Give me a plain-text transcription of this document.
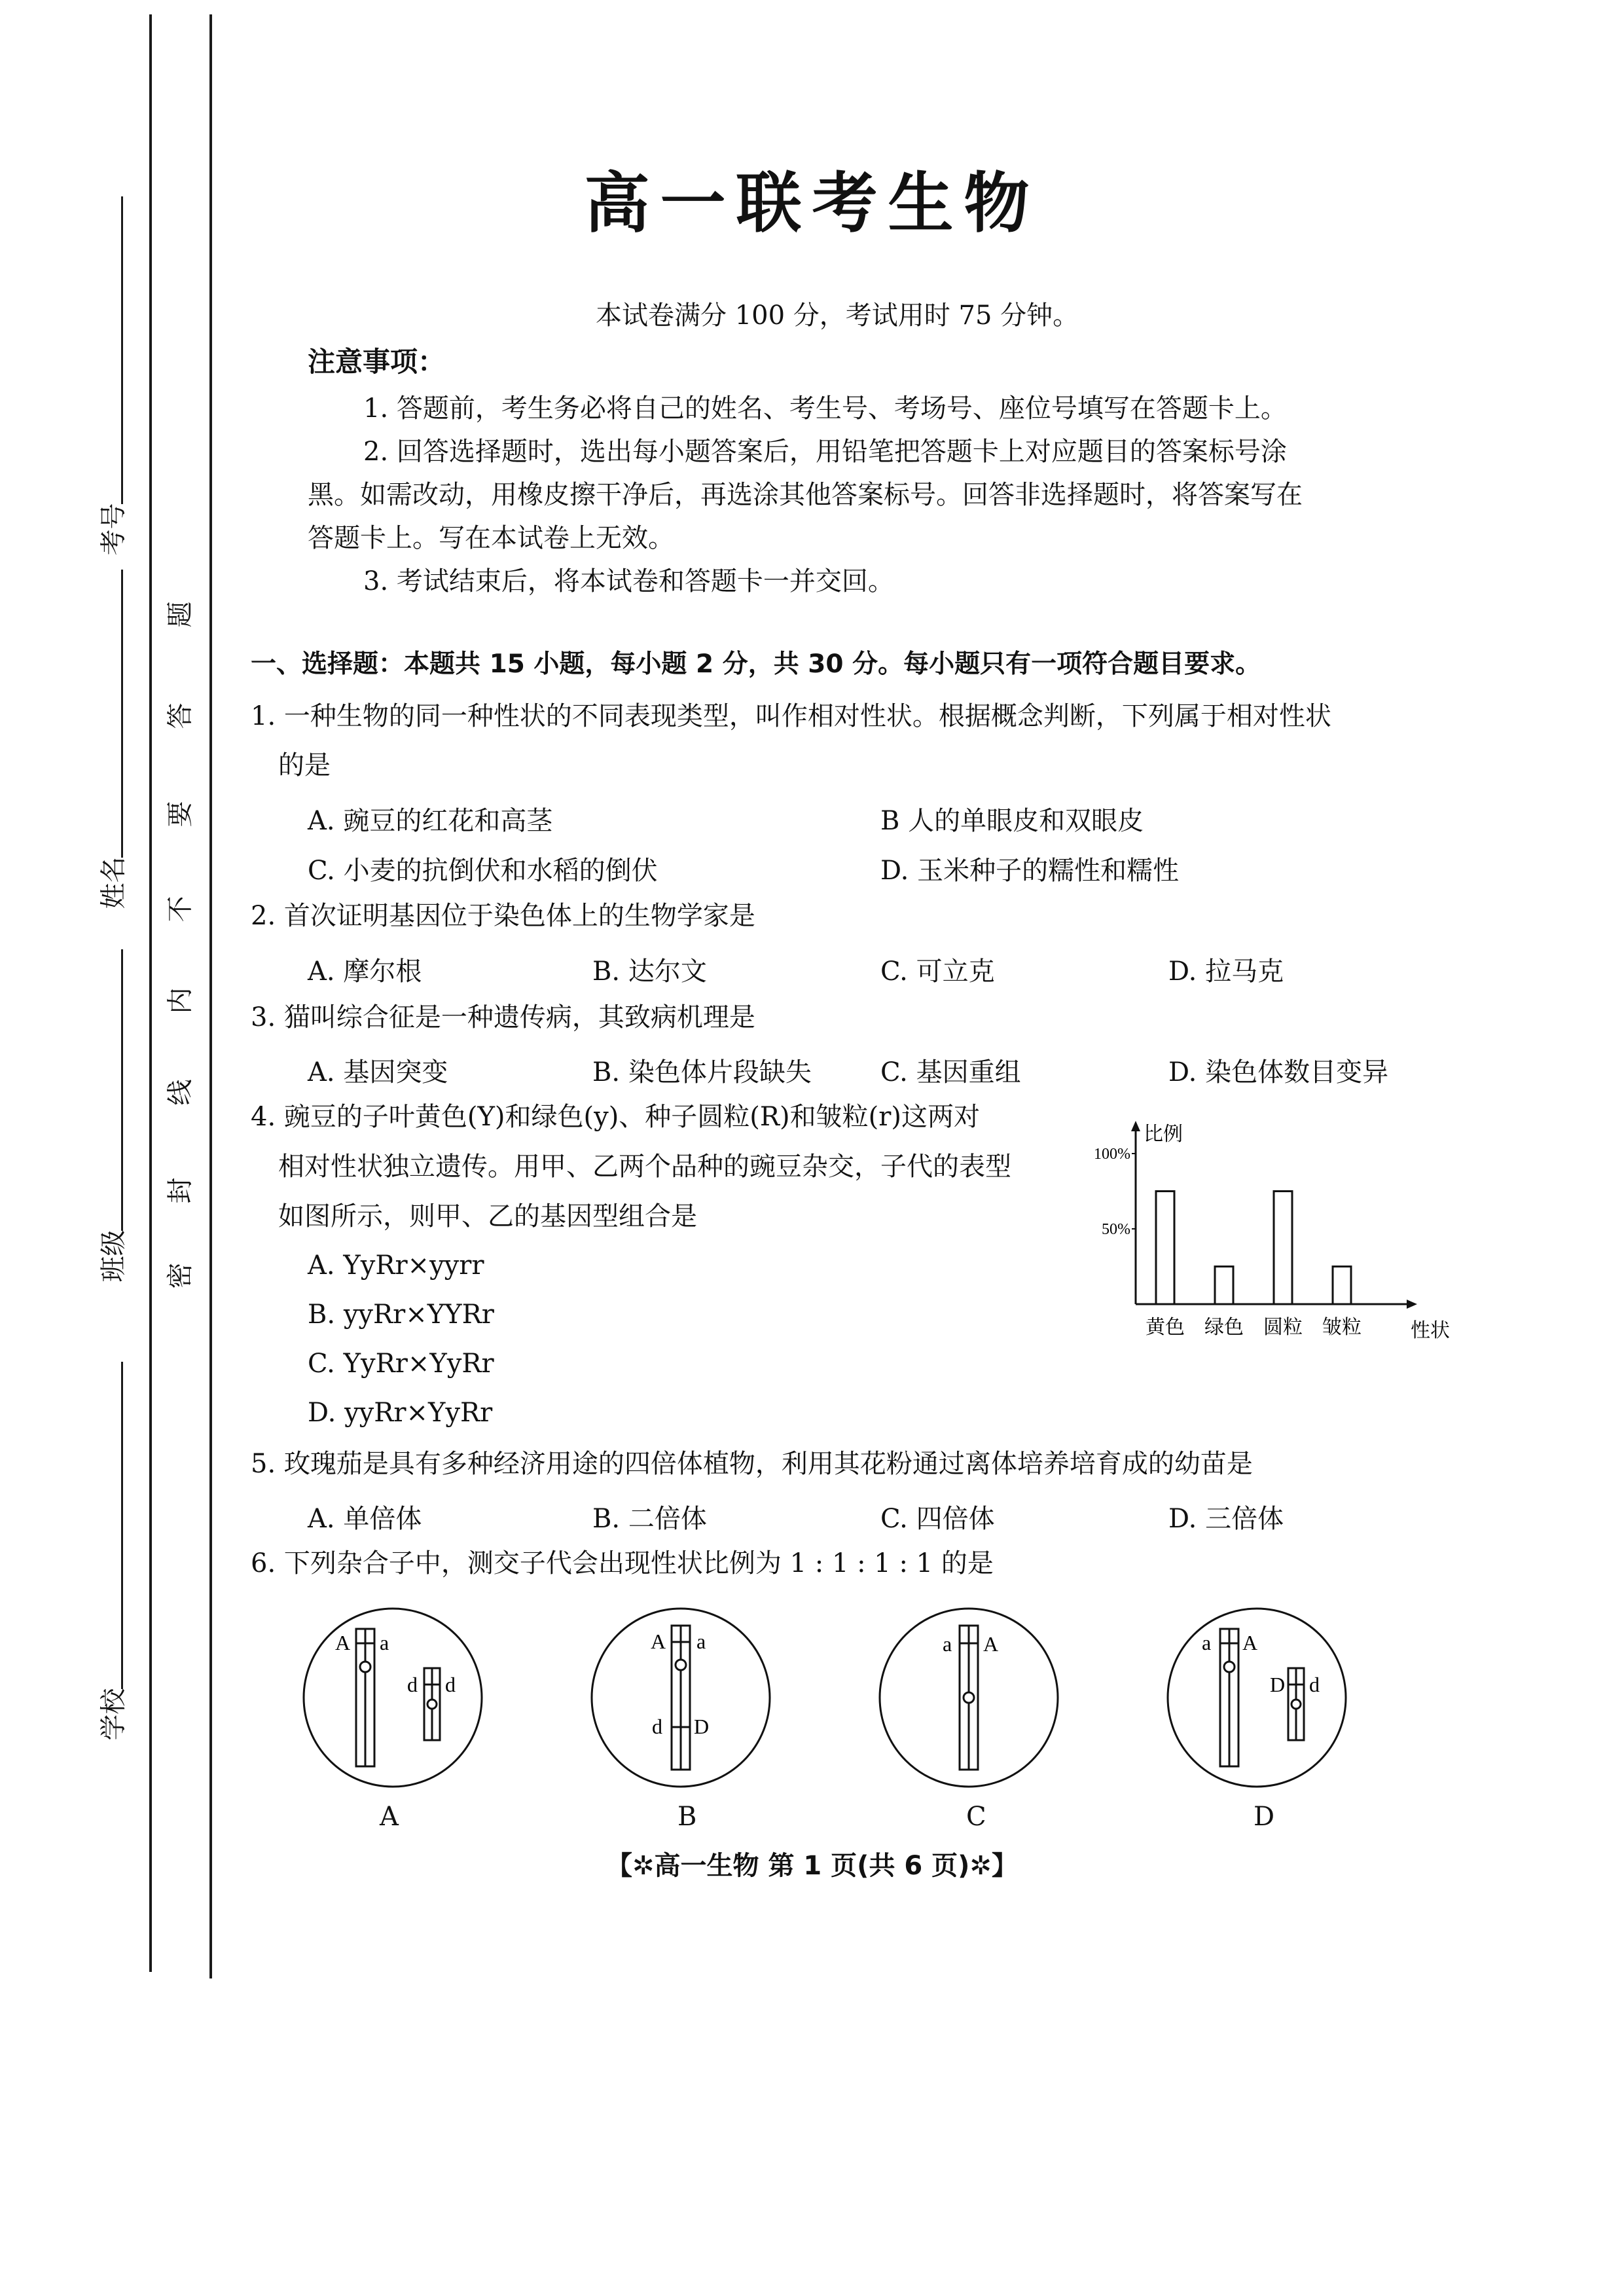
考号
姓名
班级
学校
密
封
线
内
不
要
答
题
高一联考生物
本试卷满分 100 分，考试用时 75 分钟。
注意事项：
1. 答题前，考生务必将自己的姓名、考生号、考场号、座位号填写在答题卡上。
2. 回答选择题时，选出每小题答案后，用铅笔把答题卡上对应题目的答案标号涂
黑。如需改动，用橡皮擦干净后，再选涂其他答案标号。回答非选择题时，将答案写在
答题卡上。写在本试卷上无效。
3. 考试结束后，将本试卷和答题卡一并交回。
一、选择题：本题共 15 小题，每小题 2 分，共 30 分。每小题只有一项符合题目要求。
1. 一种生物的同一种性状的不同表现类型，叫作相对性状。根据概念判断，下列属于相对性状
的是
A. 豌豆的红花和高茎	B 人的单眼皮和双眼皮
C. 小麦的抗倒伏和水稻的倒伏	D. 玉米种子的糯性和糯性
2. 首次证明基因位于染色体上的生物学家是
A. 摩尔根	B. 达尔文	C. 可立克	D. 拉马克
3. 猫叫综合征是一种遗传病，其致病机理是
A. 基因突变	B. 染色体片段缺失	C. 基因重组	D. 染色体数目变异
4. 豌豆的子叶黄色(Y)和绿色(y)、种子圆粒(R)和皱粒(r)这两对
相对性状独立遗传。用甲、乙两个品种的豌豆杂交，子代的表型
如图所示，则甲、乙的基因型组合是
A. YyRr×yyrr
B. yyRr×YYRr
C. YyRr×YyRr
D. yyRr×YyRr
比例
性状
100%
50%
黄色 绿色 圆粒 皱粒
5. 玫瑰茄是具有多种经济用途的四倍体植物，利用其花粉通过离体培养培育成的幼苗是
A. 单倍体	B. 二倍体	C. 四倍体	D. 三倍体
6. 下列杂合子中，测交子代会出现性状比例为 1 : 1 : 1 : 1 的是
A a
d d
A
A a
d D
B
a A
C
a A
D d
D
【✲高一生物 第 1 页(共 6 页)✲】
